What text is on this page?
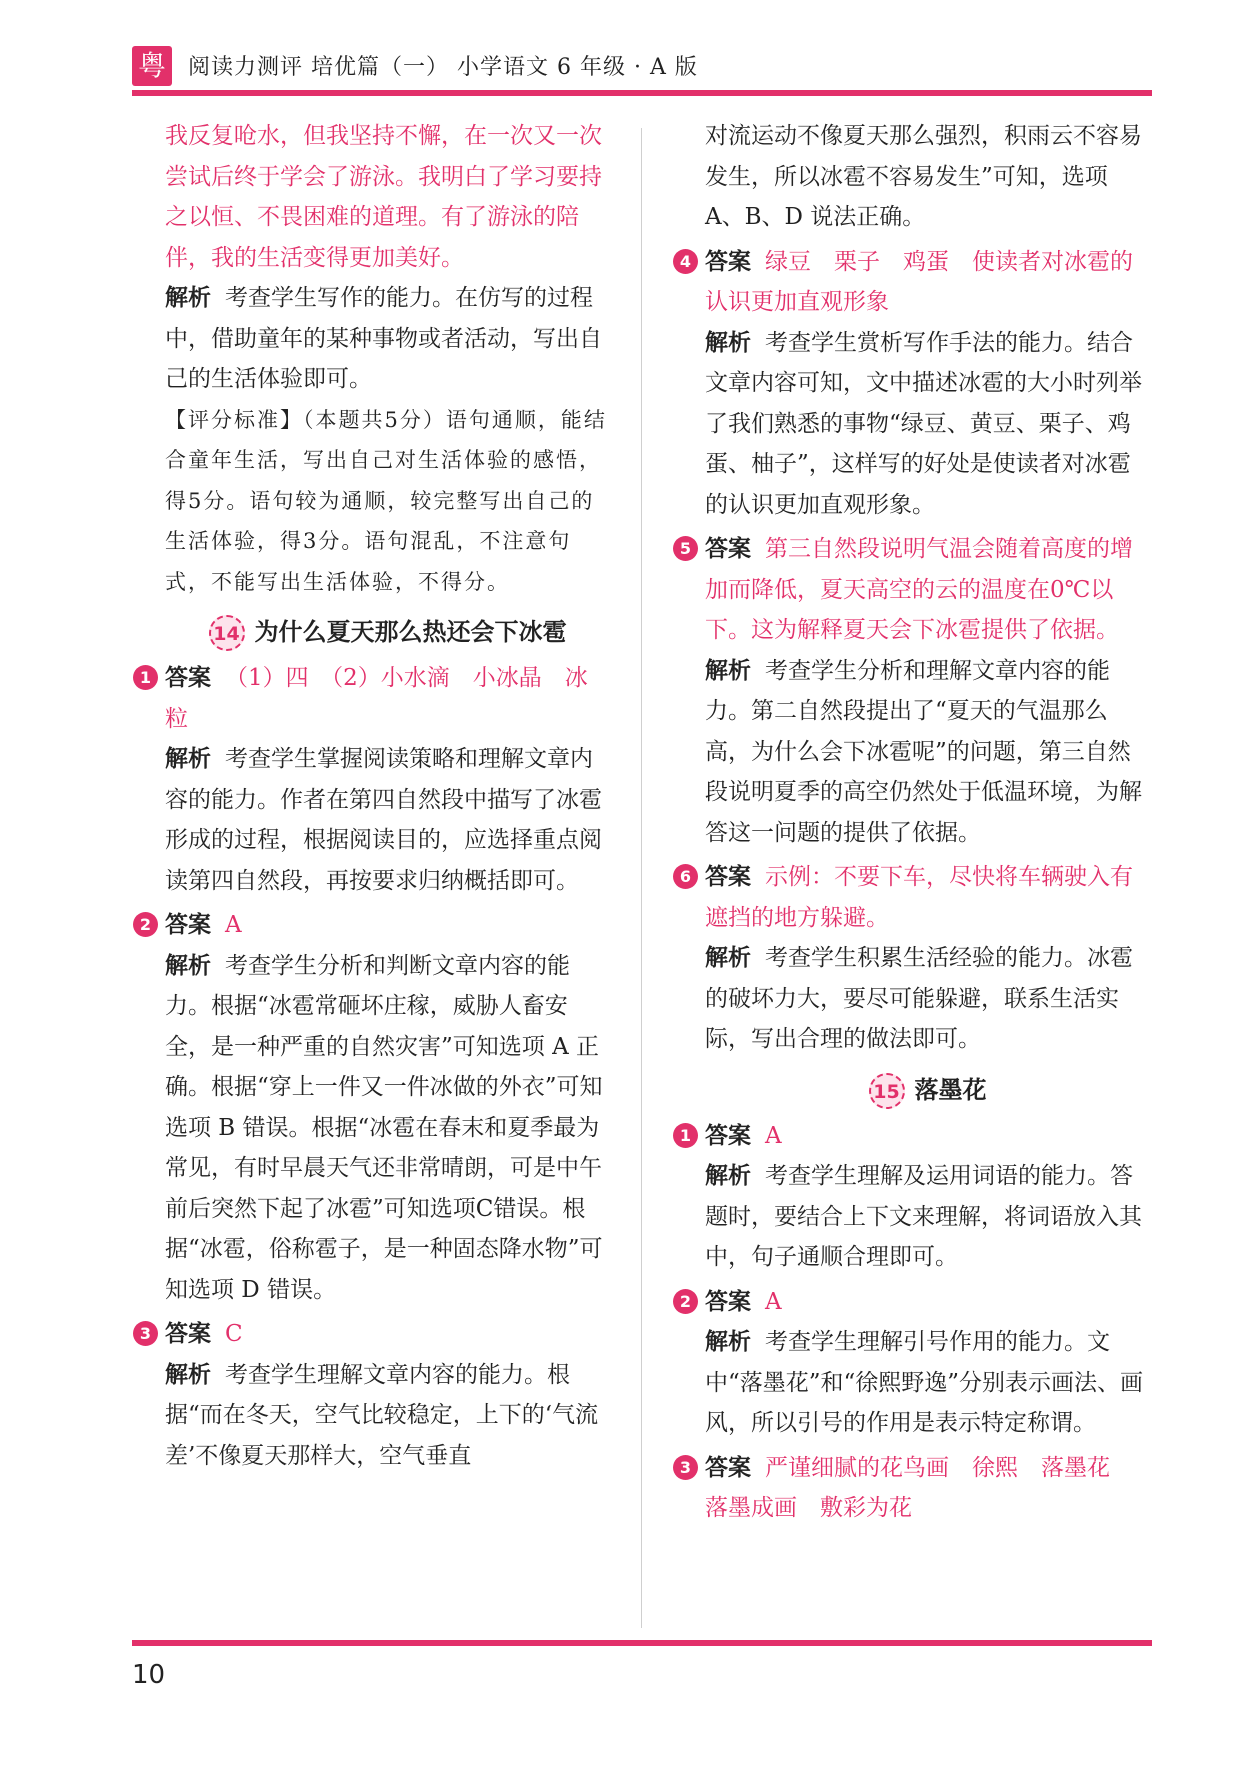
粤 阅读力测评 培优篇（一） 小学语文 6 年级 · A 版

我反复呛水，但我坚持不懈，在一次又一次尝试后终于学会了游泳。我明白了学习要持之以恒、不畏困难的道理。有了游泳的陪伴，我的生活变得更加美好。

解析 考查学生写作的能力。在仿写的过程中，借助童年的某种事物或者活动，写出自己的生活体验即可。

【评分标准】（本题共5分）语句通顺，能结合童年生活，写出自己对生活体验的感悟，得5分。语句较为通顺，较完整写出自己的生活体验，得3分。语句混乱，不注意句式，不能写出生活体验，不得分。

14 为什么夏天那么热还会下冰雹
1 答案 （1）四　（2）小水滴　小冰晶　冰粒

解析 考查学生掌握阅读策略和理解文章内容的能力。作者在第四自然段中描写了冰雹形成的过程，根据阅读目的，应选择重点阅读第四自然段，再按要求归纳概括即可。

2 答案 A

解析 考查学生分析和判断文章内容的能力。根据“冰雹常砸坏庄稼，威胁人畜安全，是一种严重的自然灾害”可知选项 A 正确。根据“穿上一件又一件冰做的外衣”可知选项 B 错误。根据“冰雹在春末和夏季最为常见，有时早晨天气还非常晴朗，可是中午前后突然下起了冰雹”可知选项C错误。根据“冰雹，俗称雹子，是一种固态降水物”可知选项 D 错误。

3 答案 C

解析 考查学生理解文章内容的能力。根据“而在冬天，空气比较稳定，上下的‘气流差’不像夏天那样大，空气垂直

对流运动不像夏天那么强烈，积雨云不容易发生，所以冰雹不容易发生”可知，选项 A、B、D 说法正确。

4 答案 绿豆　栗子　鸡蛋　使读者对冰雹的认识更加直观形象

解析 考查学生赏析写作手法的能力。结合文章内容可知，文中描述冰雹的大小时列举了我们熟悉的事物“绿豆、黄豆、栗子、鸡蛋、柚子”，这样写的好处是使读者对冰雹的认识更加直观形象。

5 答案 第三自然段说明气温会随着高度的增加而降低，夏天高空的云的温度在0℃以下。这为解释夏天会下冰雹提供了依据。

解析 考查学生分析和理解文章内容的能力。第二自然段提出了“夏天的气温那么高，为什么会下冰雹呢”的问题，第三自然段说明夏季的高空仍然处于低温环境，为解答这一问题的提供了依据。

6 答案 示例：不要下车，尽快将车辆驶入有遮挡的地方躲避。

解析 考查学生积累生活经验的能力。冰雹的破坏力大，要尽可能躲避，联系生活实际，写出合理的做法即可。

15 落墨花
1 答案 A

解析 考查学生理解及运用词语的能力。答题时，要结合上下文来理解，将词语放入其中，句子通顺合理即可。

2 答案 A

解析 考查学生理解引号作用的能力。文中“落墨花”和“徐熙野逸”分别表示画法、画风，所以引号的作用是表示特定称谓。

3 答案 严谨细腻的花鸟画　徐熙　落墨花　落墨成画　敷彩为花

10
